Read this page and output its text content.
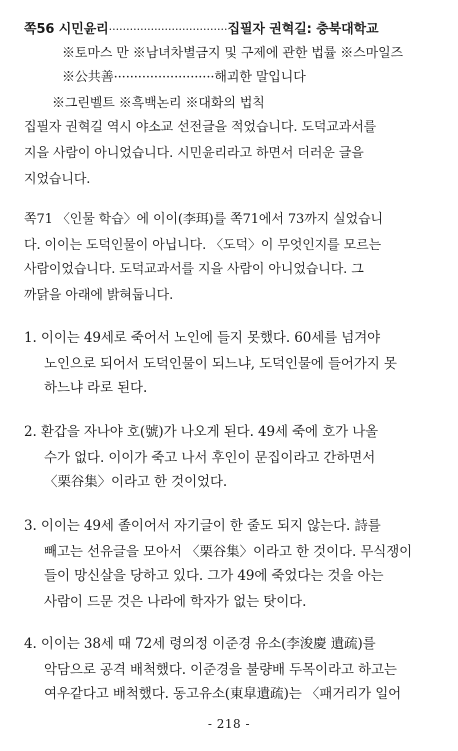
쪽56 시민윤리··································집필자 권혁길: 충북대학교
※토마스 만 ※남녀차별금지 및 구제에 관한 법률 ※스마일즈
※公共善·························해괴한 말입니다
※그린벨트 ※흑백논리 ※대화의 법칙
집필자 권혁길 역시 야소교 선전글을 적었습니다. 도덕교과서를
지을 사람이 아니었습니다. 시민윤리라고 하면서 더러운 글을
지었습니다.
쪽71 〈인물 학습〉에 이이(李珥)를 쪽71에서 73까지 실었습니
다. 이이는 도덕인물이 아닙니다. 〈도덕〉이 무엇인지를 모르는
사람이었습니다. 도덕교과서를 지을 사람이 아니었습니다. 그
까닭을 아래에 밝혀둡니다.
1. 이이는 49세로 죽어서 노인에 들지 못했다. 60세를 넘겨야
노인으로 되어서 도덕인물이 되느냐, 도덕인물에 들어가지 못
하느냐 라로 된다.
2. 환갑을 자나야 호(號)가 나오게 된다. 49세 죽에 호가 나올
수가 없다. 이이가 죽고 나서 후인이 문집이라고 간하면서
〈栗谷集〉이라고 한 것이었다.
3. 이이는 49세 졸이어서 자기글이 한 줄도 되지 않는다. 詩를
빼고는 선유글을 모아서 〈栗谷集〉이라고 한 것이다. 무식쟁이
들이 망신살을 당하고 있다. 그가 49에 죽었다는 것을 아는
사람이 드문 것은 나라에 학자가 없는 탓이다.
4. 이이는 38세 때 72세 령의정 이준경 유소(李浚慶 遺疏)를
악담으로 공격 배척했다. 이준경을 불량배 두목이라고 하고는
여우같다고 배척했다. 동고유소(東皐遺疏)는 〈패거리가 일어
- 218 -
